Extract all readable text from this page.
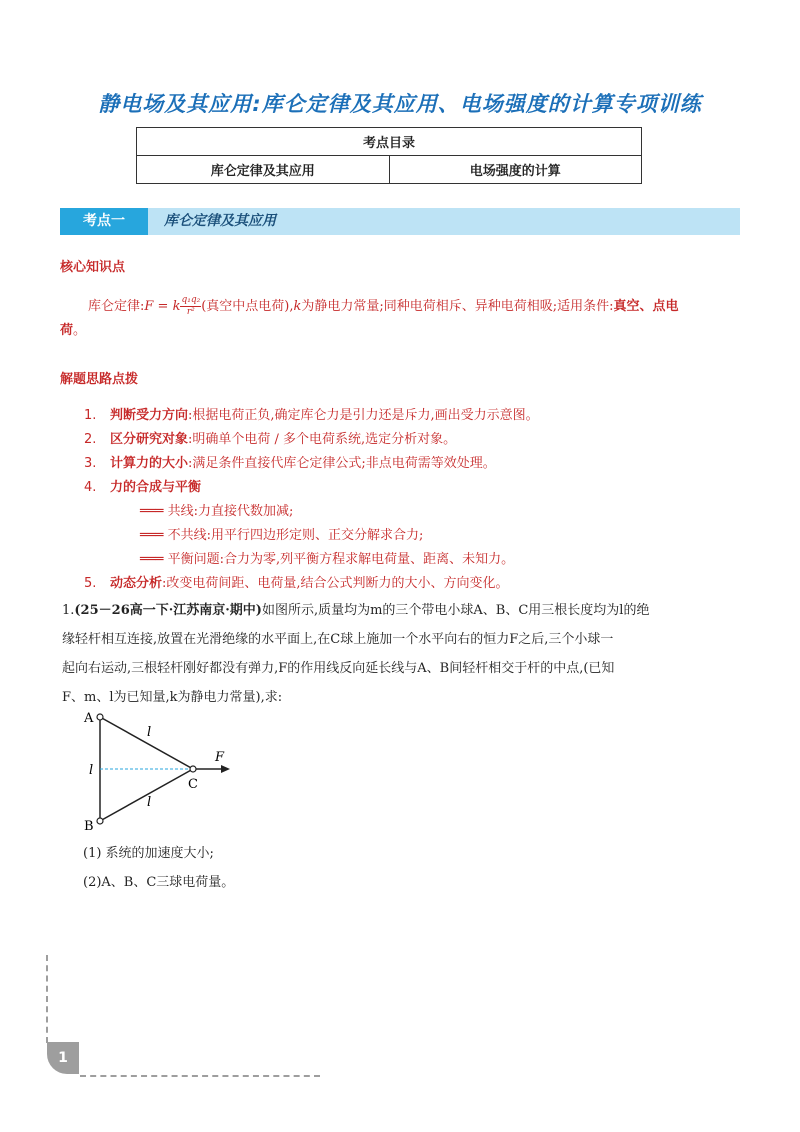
静电场及其应用:库仑定律及其应用、电场强度的计算专项训练
考点目录
库仑定律及其应用	电场强度的计算
考点一	库仑定律及其应用
核心知识点
库仑定律:F = k $\frac{\text{q₁q₂}}{\text{r²}}$ (真空中点电荷),k为静电力常量;同种电荷相斥、异种电荷相吸;适用条件:真空、点电
荷。
解题思路点拨
1. 判断受力方向:根据电荷正负,确定库仑力是引力还是斥力,画出受力示意图。
2. 区分研究对象:明确单个电荷 / 多个电荷系统,选定分析对象。
3. 计算力的大小:满足条件直接代库仑定律公式;非点电荷需等效处理。
4. 力的合成与平衡
═══ 共线:力直接代数加减;
═══ 不共线:用平行四边形定则、正交分解求合力;
═══ 平衡问题:合力为零,列平衡方程求解电荷量、距离、未知力。
5. 动态分析:改变电荷间距、电荷量,结合公式判断力的大小、方向变化。
1.(25－26高一下·江苏南京·期中)如图所示,质量均为m的三个带电小球A、B、C用三根长度均为l的绝
缘轻杆相互连接,放置在光滑绝缘的水平面上,在C球上施加一个水平向右的恒力F之后,三个小球一
起向右运动,三根轻杆刚好都没有弹力,F的作用线反向延长线与A、B间轻杆相交于杆的中点,(已知
F、m、l为已知量,k为静电力常量),求:
A
B
C
F
l
l
l
(1) 系统的加速度大小;
(2)A、B、C三球电荷量。
1
